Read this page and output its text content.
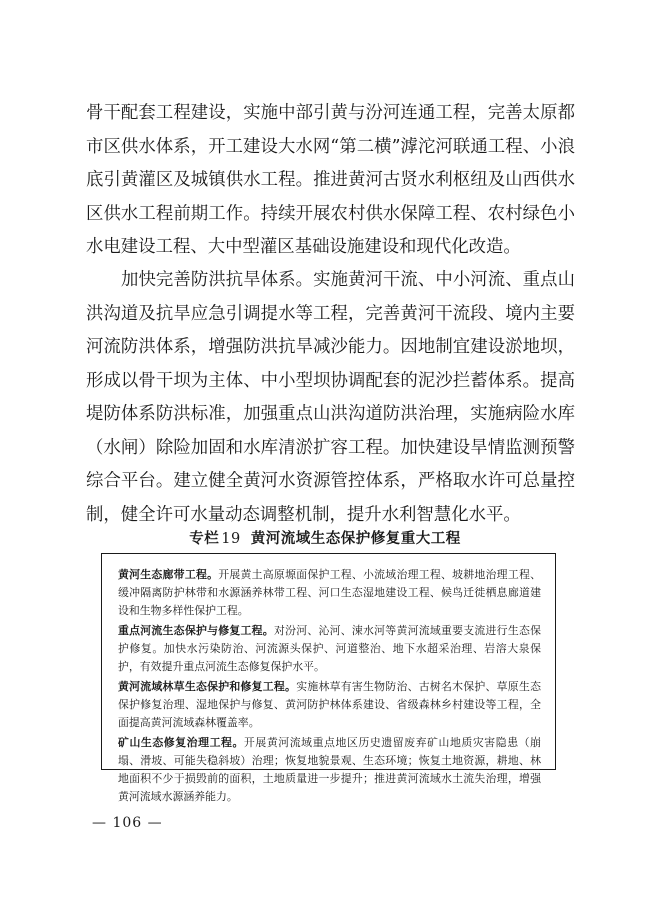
骨干配套工程建设，实施中部引黄与汾河连通工程，完善太原都市区供水体系，开工建设大水网“第二横”滹沱河联通工程、小浪底引黄灌区及城镇供水工程。推进黄河古贤水利枢纽及山西供水区供水工程前期工作。持续开展农村供水保障工程、农村绿色小水电建设工程、大中型灌区基础设施建设和现代化改造。

加快完善防洪抗旱体系。实施黄河干流、中小河流、重点山洪沟道及抗旱应急引调提水等工程，完善黄河干流段、境内主要河流防洪体系，增强防洪抗旱减沙能力。因地制宜建设淤地坝，形成以骨干坝为主体、中小型坝协调配套的泥沙拦蓄体系。提高堤防体系防洪标准，加强重点山洪沟道防洪治理，实施病险水库（水闸）除险加固和水库清淤扩容工程。加快建设旱情监测预警综合平台。建立健全黄河水资源管控体系，严格取水许可总量控制，健全许可水量动态调整机制，提升水利智慧化水平。

专栏 19 黄河流域生态保护修复重大工程

黄河生态廊带工程。开展黄土高原塬面保护工程、小流域治理工程、坡耕地治理工程、缓冲隔离防护林带和水源涵养林带工程、河口生态湿地建设工程、候鸟迁徙栖息廊道建设和生物多样性保护工程。

重点河流生态保护与修复工程。对汾河、沁河、涑水河等黄河流域重要支流进行生态保护修复。加快水污染防治、河流源头保护、河道整治、地下水超采治理、岩溶大泉保护，有效提升重点河流生态修复保护水平。

黄河流域林草生态保护和修复工程。实施林草有害生物防治、古树名木保护、草原生态保护修复治理、湿地保护与修复、黄河防护林体系建设、省级森林乡村建设等工程，全面提高黄河流域森林覆盖率。

矿山生态修复治理工程。开展黄河流域重点地区历史遗留废弃矿山地质灾害隐患（崩塌、滑坡、可能失稳斜坡）治理；恢复地貌景观、生态环境；恢复土地资源，耕地、林地面积不少于损毁前的面积，土地质量进一步提升；推进黄河流域水土流失治理，增强黄河流域水源涵养能力。

— 106 —
